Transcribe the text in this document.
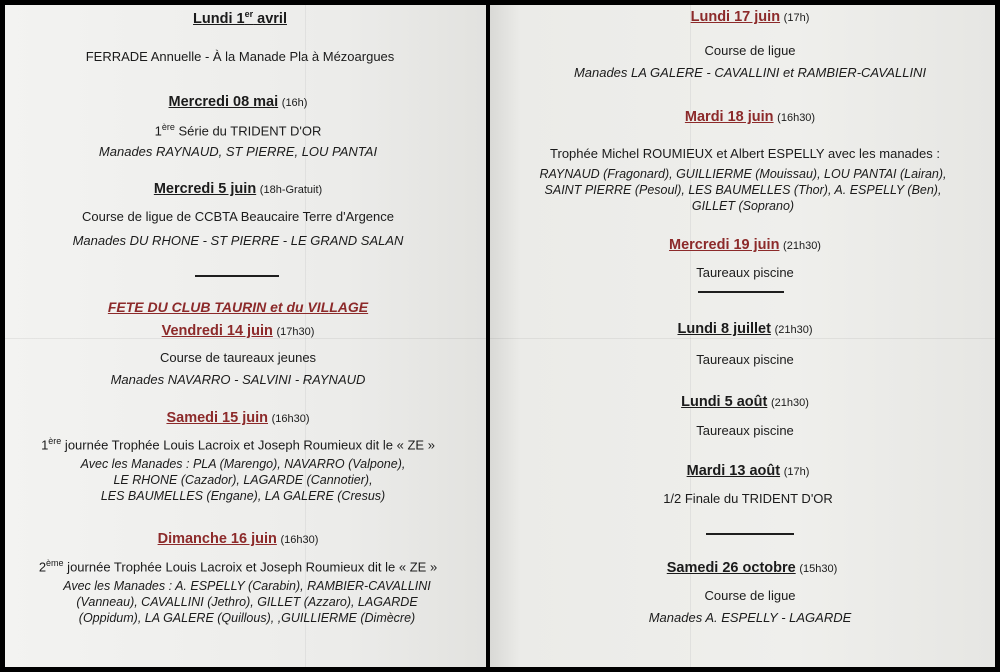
Lundi 1er avril
FERRADE Annuelle - À la Manade Pla à Mézoargues
Mercredi 08 mai (16h)
1ère Série du TRIDENT D'OR
Manades RAYNAUD, ST PIERRE, LOU PANTAI
Mercredi 5 juin (18h-Gratuit)
Course de ligue de CCBTA Beaucaire Terre d'Argence
Manades DU RHONE - ST PIERRE - LE GRAND SALAN
FETE DU CLUB TAURIN et du VILLAGE
Vendredi 14 juin (17h30)
Course de taureaux jeunes
Manades NAVARRO - SALVINI - RAYNAUD
Samedi 15 juin (16h30)
1ère journée Trophée Louis Lacroix et Joseph Roumieux dit le « ZE »
Avec les Manades : PLA (Marengo), NAVARRO (Valpone),
LE RHONE (Cazador), LAGARDE (Cannotier),
LES BAUMELLES (Engane), LA GALERE (Cresus)
Dimanche 16 juin (16h30)
2ème journée Trophée Louis Lacroix et Joseph Roumieux dit le « ZE »
Avec les Manades : A. ESPELLY (Carabin), RAMBIER-CAVALLINI
(Vanneau), CAVALLINI (Jethro), GILLET (Azzaro), LAGARDE
(Oppidum), LA GALERE (Quillous), ,GUILLIERME (Dimècre)
Lundi 17 juin (17h)
Course de ligue
Manades LA GALERE - CAVALLINI et RAMBIER-CAVALLINI
Mardi 18 juin (16h30)
Trophée Michel ROUMIEUX et Albert ESPELLY avec les manades :
RAYNAUD (Fragonard), GUILLIERME (Mouissau), LOU PANTAI (Lairan),
SAINT PIERRE (Pesoul), LES BAUMELLES (Thor), A. ESPELLY (Ben),
GILLET (Soprano)
Mercredi 19 juin (21h30)
Taureaux piscine
Lundi 8 juillet (21h30)
Taureaux piscine
Lundi 5 août (21h30)
Taureaux piscine
Mardi 13 août (17h)
1/2 Finale du TRIDENT D'OR
Samedi 26 octobre (15h30)
Course de ligue
Manades A. ESPELLY - LAGARDE
